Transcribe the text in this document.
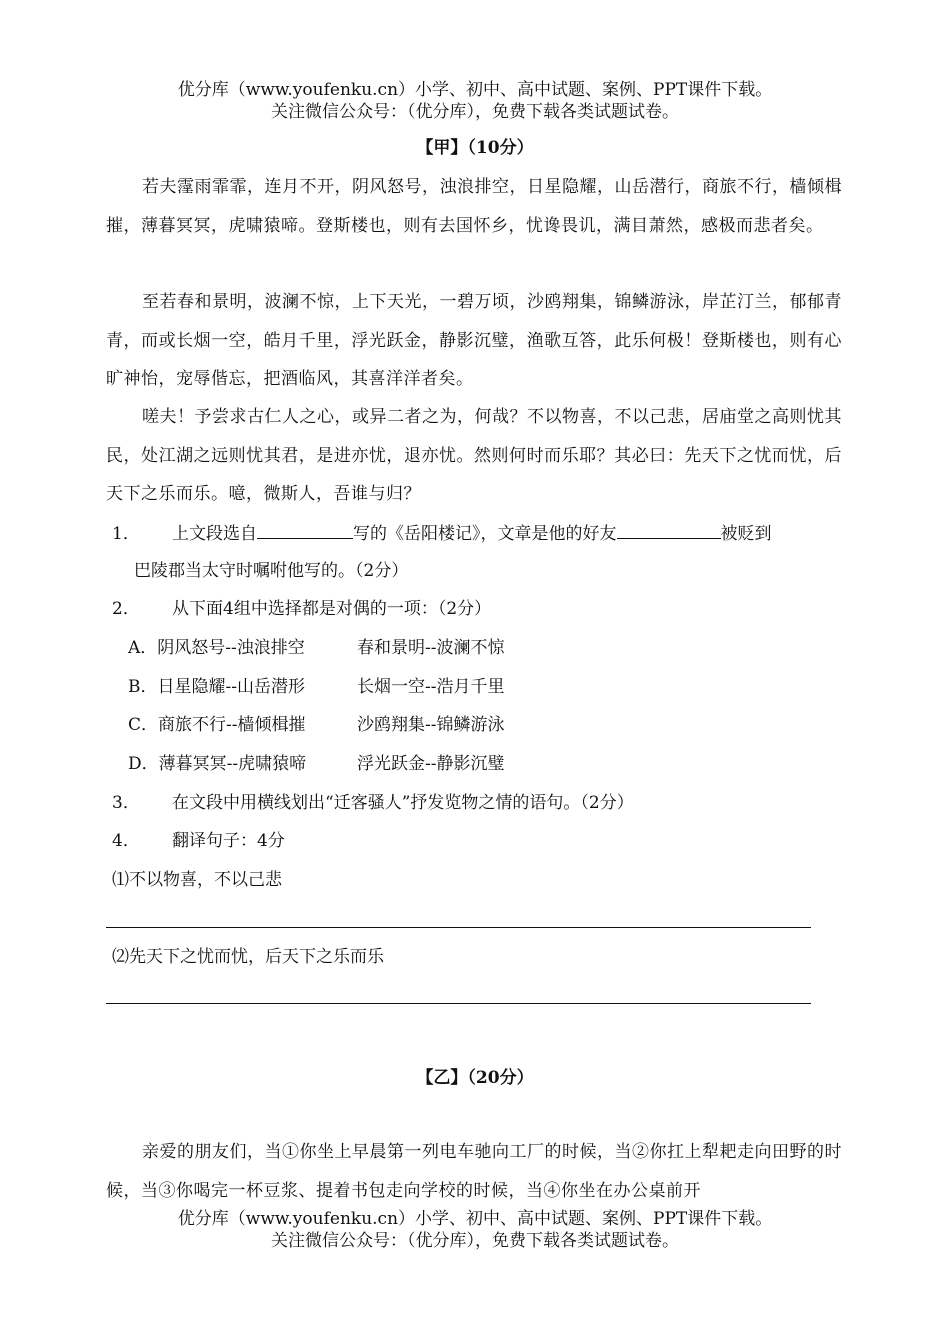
优分库（www.youfenku.cn）小学、初中、高中试题、案例、PPT课件下载。
关注微信公众号：（优分库），免费下载各类试题试卷。
【甲】（10分）
若夫霪雨霏霏，连月不开，阴风怒号，浊浪排空，日星隐耀，山岳潜行，商旅不行，樯倾楫摧，薄暮冥冥，虎啸猿啼。登斯楼也，则有去国怀乡，忧谗畏讥，满目萧然，感极而悲者矣。
至若春和景明，波澜不惊，上下天光，一碧万顷，沙鸥翔集，锦鳞游泳，岸芷汀兰，郁郁青青，而或长烟一空，皓月千里，浮光跃金，静影沉璧，渔歌互答，此乐何极！登斯楼也，则有心旷神怡，宠辱偕忘，把酒临风，其喜洋洋者矣。
嗟夫！予尝求古仁人之心，或异二者之为，何哉？不以物喜，不以己悲，居庙堂之高则忧其民，处江湖之远则忧其君，是进亦忧，退亦忧。然则何时而乐耶？其必曰：先天下之忧而忧，后天下之乐而乐。噫，微斯人，吾谁与归？
1． 上文段选自	写的《岳阳楼记》，文章是他的好友	被贬到
巴陵郡当太守时嘱咐他写的。（2分）
2． 从下面4组中选择都是对偶的一项：（2分）
A．阴风怒号--浊浪排空	春和景明--波澜不惊
B．日星隐耀--山岳潜形	长烟一空--浩月千里
C．商旅不行--樯倾楫摧	沙鸥翔集--锦鳞游泳
D．薄暮冥冥--虎啸猿啼	浮光跃金--静影沉璧
3． 在文段中用横线划出“迁客骚人”抒发览物之情的语句。（2分）
4． 翻译句子：4分
⑴不以物喜，不以己悲
⑵先天下之忧而忧，后天下之乐而乐
【乙】（20分）
亲爱的朋友们，当①你坐上早晨第一列电车驰向工厂的时候，当②你扛上犁耙走向田野的时候，当③你喝完一杯豆浆、提着书包走向学校的时候，当④你坐在办公桌前开
优分库（www.youfenku.cn）小学、初中、高中试题、案例、PPT课件下载。
关注微信公众号：（优分库），免费下载各类试题试卷。
